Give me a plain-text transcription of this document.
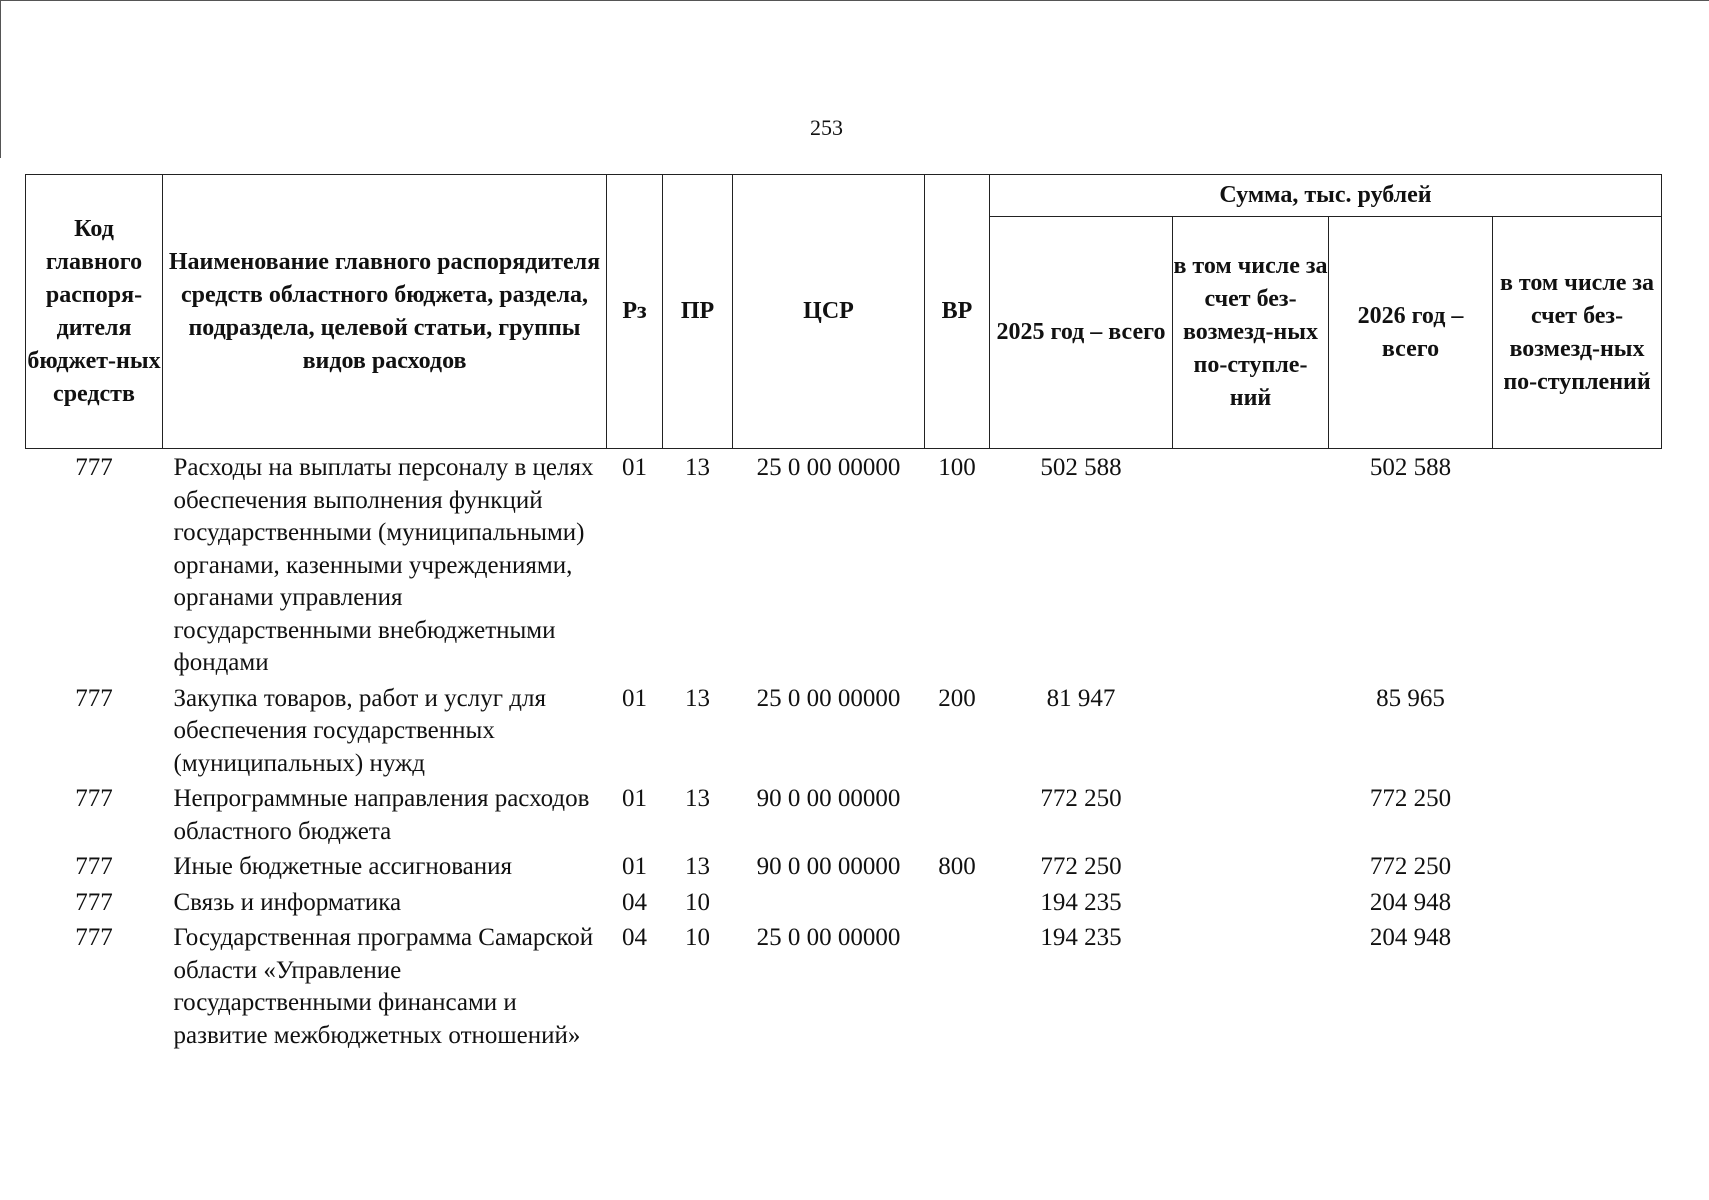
253
Код главного распоря-дителя бюджет-ных средств	Наименование главного распорядителя средств областного бюджета, раздела, подраздела, целевой статьи, группы видов расходов	Рз	ПР	ЦСР	ВР	Сумма, тыс. рублей			
						2025 год – всего	в том числе за счет без-возмезд-ных по-ступле-ний	2026 год – всего	в том числе за счет без-возмезд-ных по-ступлений
777	Расходы на выплаты персоналу в целях обеспечения выполнения функций государственными (муниципальными) органами, казенными учреждениями, органами управления государственными внебюджетными фондами	01	13	25 0 00 00000	100	502 588		502 588	
777	Закупка товаров, работ и услуг для обеспечения государственных (муниципальных) нужд	01	13	25 0 00 00000	200	81 947		85 965	
777	Непрограммные направления расходов областного бюджета	01	13	90 0 00 00000		772 250		772 250	
777	Иные бюджетные ассигнования	01	13	90 0 00 00000	800	772 250		772 250	
777	Связь и информатика	04	10			194 235		204 948	
777	Государственная программа Самарской области «Управление государственными финансами и развитие межбюджетных отношений»	04	10	25 0 00 00000		194 235		204 948	
